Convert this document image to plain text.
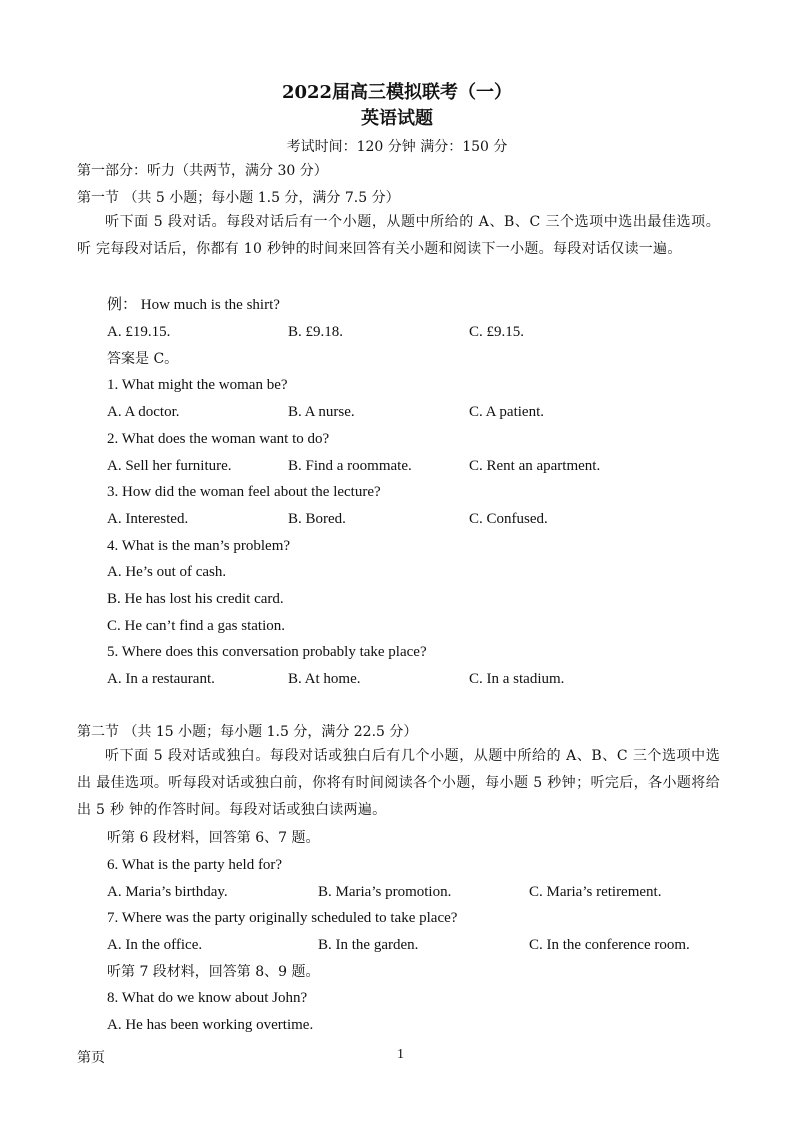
2022届高三模拟联考（一）
英语试题
考试时间：120 分钟 满分：150 分
第一部分：听力（共两节，满分 30 分）
第一节 （共 5 小题；每小题 1.5 分，满分 7.5 分）
听下面 5 段对话。每段对话后有一个小题，从题中所给的 A、B、C 三个选项中选出最佳选项。听 完每段对话后，你都有 10 秒钟的时间来回答有关小题和阅读下一小题。每段对话仅读一遍。
例： How much is the shirt?
A. £19.15.	B. £9.18.	C. £9.15.
答案是 C。
1. What might the woman be?
A. A doctor.	B. A nurse.	C. A patient.
2. What does the woman want to do?
A. Sell her furniture.	B. Find a roommate.	C. Rent an apartment.
3. How did the woman feel about the lecture?
A. Interested.	B. Bored.	C. Confused.
4. What is the man’s problem?
A. He’s out of cash.
B. He has lost his credit card.
C. He can’t find a gas station.
5. Where does this conversation probably take place?
A. In a restaurant.	B. At home.	C. In a stadium.
第二节 （共 15 小题；每小题 1.5 分，满分 22.5 分）
听下面 5 段对话或独白。每段对话或独白后有几个小题，从题中所给的 A、B、C 三个选项中选出 最佳选项。听每段对话或独白前，你将有时间阅读各个小题，每小题 5 秒钟；听完后，各小题将给出 5 秒 钟的作答时间。每段对话或独白读两遍。
听第 6 段材料，回答第 6、7 题。
6. What is the party held for?
A. Maria’s birthday.	B. Maria’s promotion.	C. Maria’s retirement.
7. Where was the party originally scheduled to take place?
A. In the office.	B. In the garden.	C. In the conference room.
听第 7 段材料，回答第 8、9 题。
8. What do we know about John?
A. He has been working overtime.
第页	1
